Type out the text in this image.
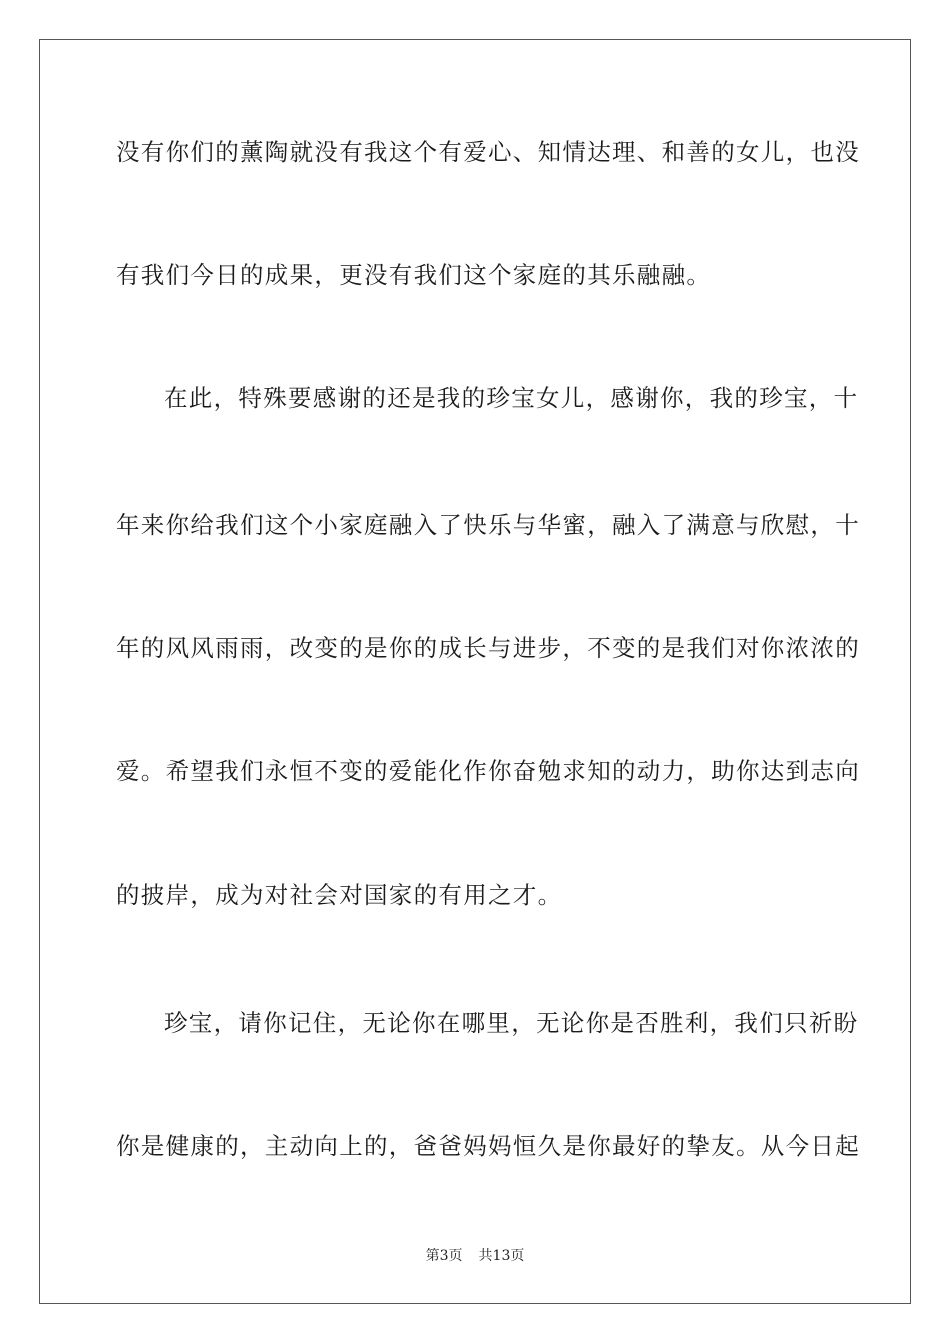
没有你们的薰陶就没有我这个有爱心、知情达理、和善的女儿，也没
有我们今日的成果，更没有我们这个家庭的其乐融融。
在此，特殊要感谢的还是我的珍宝女儿，感谢你，我的珍宝，十
年来你给我们这个小家庭融入了快乐与华蜜，融入了满意与欣慰，十
年的风风雨雨，改变的是你的成长与进步，不变的是我们对你浓浓的
爱。希望我们永恒不变的爱能化作你奋勉求知的动力，助你达到志向
的披岸，成为对社会对国家的有用之才。
珍宝，请你记住，无论你在哪里，无论你是否胜利，我们只祈盼
你是健康的，主动向上的，爸爸妈妈恒久是你最好的挚友。从今日起
第3页 共13页
